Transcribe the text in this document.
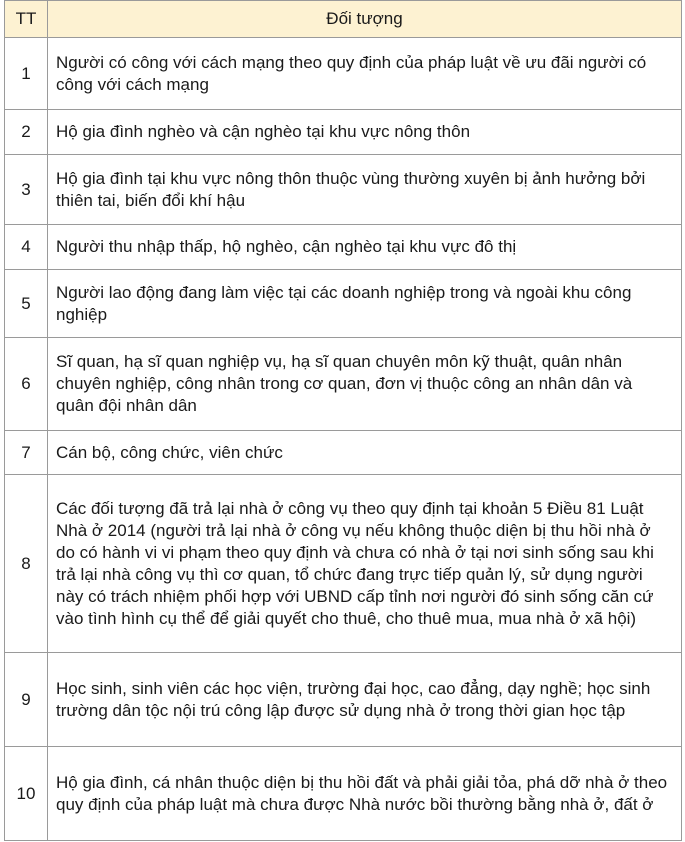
TT	Đối tượng
1	Người có công với cách mạng theo quy định của pháp luật về ưu đãi người có công với cách mạng
2	Hộ gia đình nghèo và cận nghèo tại khu vực nông thôn
3	Hộ gia đình tại khu vực nông thôn thuộc vùng thường xuyên bị ảnh hưởng bởi thiên tai, biến đổi khí hậu
4	Người thu nhập thấp, hộ nghèo, cận nghèo tại khu vực đô thị
5	Người lao động đang làm việc tại các doanh nghiệp trong và ngoài khu công nghiệp
6	Sĩ quan, hạ sĩ quan nghiệp vụ, hạ sĩ quan chuyên môn kỹ thuật, quân nhân chuyên nghiệp, công nhân trong cơ quan, đơn vị thuộc công an nhân dân và quân đội nhân dân
7	Cán bộ, công chức, viên chức
8	Các đối tượng đã trả lại nhà ở công vụ theo quy định tại khoản 5 Điều 81 Luật Nhà ở 2014 (người trả lại nhà ở công vụ nếu không thuộc diện bị thu hồi nhà ở do có hành vi vi phạm theo quy định và chưa có nhà ở tại nơi sinh sống sau khi trả lại nhà công vụ thì cơ quan, tổ chức đang trực tiếp quản lý, sử dụng người này có trách nhiệm phối hợp với UBND cấp tỉnh nơi người đó sinh sống căn cứ vào tình hình cụ thể để giải quyết cho thuê, cho thuê mua, mua nhà ở xã hội)
9	Học sinh, sinh viên các học viện, trường đại học, cao đẳng, dạy nghề; học sinh trường dân tộc nội trú công lập được sử dụng nhà ở trong thời gian học tập
10	Hộ gia đình, cá nhân thuộc diện bị thu hồi đất và phải giải tỏa, phá dỡ nhà ở theo quy định của pháp luật mà chưa được Nhà nước bồi thường bằng nhà ở, đất ở
